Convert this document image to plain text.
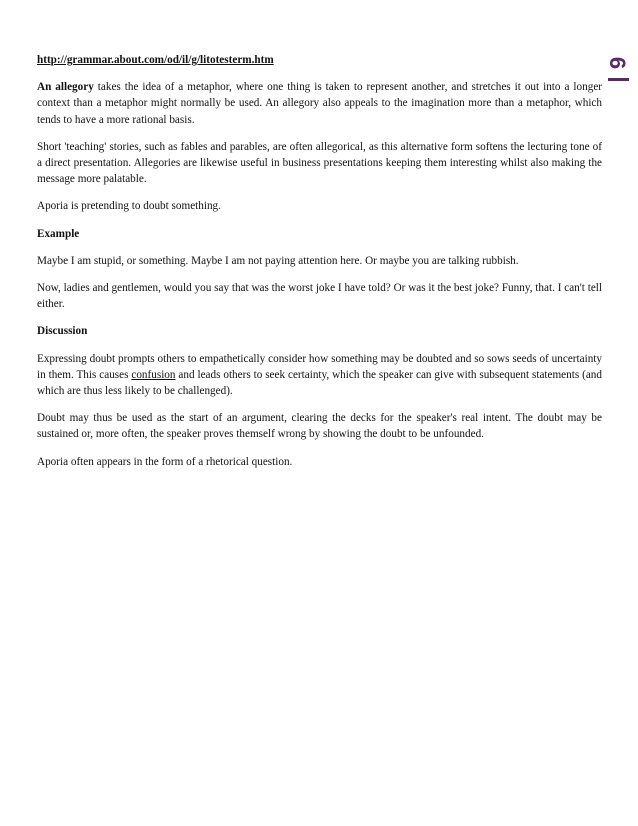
6

http://grammar.about.com/od/il/g/litotesterm.htm

An allegory takes the idea of a metaphor, where one thing is taken to represent another, and stretches it out into a longer context than a metaphor might normally be used. An allegory also appeals to the imagination more than a metaphor, which tends to have a more rational basis.

Short 'teaching' stories, such as fables and parables, are often allegorical, as this alternative form softens the lecturing tone of a direct presentation. Allegories are likewise useful in business presentations keeping them interesting whilst also making the message more palatable.

Aporia is pretending to doubt something.

Example

Maybe I am stupid, or something. Maybe I am not paying attention here. Or maybe you are talking rubbish.

Now, ladies and gentlemen, would you say that was the worst joke I have told? Or was it the best joke? Funny, that. I can't tell either.

Discussion

Expressing doubt prompts others to empathetically consider how something may be doubted and so sows seeds of uncertainty in them. This causes confusion and leads others to seek certainty, which the speaker can give with subsequent statements (and which are thus less likely to be challenged).

Doubt may thus be used as the start of an argument, clearing the decks for the speaker's real intent. The doubt may be sustained or, more often, the speaker proves themself wrong by showing the doubt to be unfounded.

Aporia often appears in the form of a rhetorical question.
